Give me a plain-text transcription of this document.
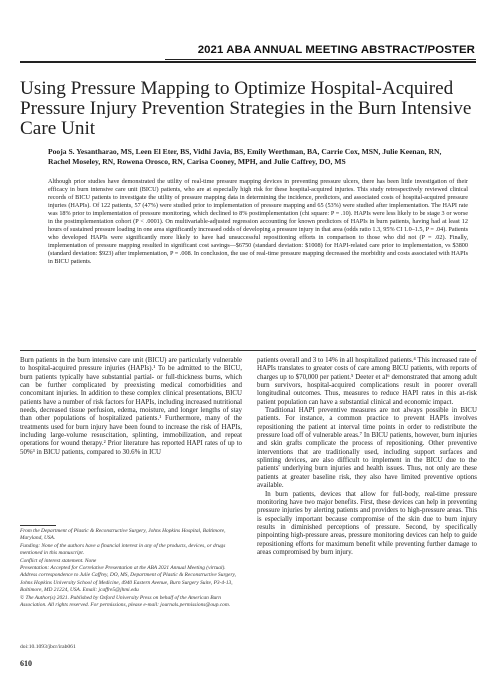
2021 ABA ANNUAL MEETING ABSTRACT/POSTER
Using Pressure Mapping to Optimize Hospital-Acquired Pressure Injury Prevention Strategies in the Burn Intensive Care Unit
Pooja S. Yesantharao, MS, Leen El Eter, BS, Vidhi Javia, BS, Emily Werthman, BA, Carrie Cox, MSN, Julie Keenan, RN, Rachel Moseley, RN, Rowena Orosco, RN, Carisa Cooney, MPH, and Julie Caffrey, DO, MS
Although prior studies have demonstrated the utility of real-time pressure mapping devices in preventing pressure ulcers, there has been little investigation of their efficacy in burn intensive care unit (BICU) patients, who are at especially high risk for these hospital-acquired injuries. This study retrospectively reviewed clinical records of BICU patients to investigate the utility of pressure mapping data in determining the incidence, predictors, and associated costs of hospital-acquired pressure injuries (HAPIs). Of 122 patients, 57 (47%) were studied prior to implementation of pressure mapping and 65 (53%) were studied after implementation. The HAPI rate was 18% prior to implementation of pressure monitoring, which declined to 8% postimplementation (chi square: P = .10). HAPIs were less likely to be stage 3 or worse in the postimplementation cohort (P < .0001). On multivariable-adjusted regression accounting for known predictors of HAPIs in burn patients, having had at least 12 hours of sustained pressure loading in one area significantly increased odds of developing a pressure injury in that area (odds ratio 1.3, 95% CI 1.0–1.5, P = .04). Patients who developed HAPIs were significantly more likely to have had unsuccessful repositioning efforts in comparison to those who did not (P = .02). Finally, implementation of pressure mapping resulted in significant cost savings—$6750 (standard deviation: $1008) for HAPI-related care prior to implementation, vs $3800 (standard deviation: $923) after implementation, P = .008. In conclusion, the use of real-time pressure mapping decreased the morbidity and costs associated with HAPIs in BICU patients.

Burn patients in the burn intensive care unit (BICU) are particularly vulnerable to hospital-acquired pressure injuries (HAPIs).¹ To be admitted to the BICU, burn patients typically have substantial partial- or full-thickness burns, which can be further complicated by preexisting medical comorbidities and concomitant injuries. In addition to these complex clinical presentations, BICU patients have a number of risk factors for HAPIs, including increased nutritional needs, decreased tissue perfusion, edema, moisture, and longer lengths of stay than other populations of hospitalized patients.¹ Furthermore, many of the treatments used for burn injury have been found to increase the risk of HAPIs, including large-volume resuscitation, splinting, immobilization, and repeat operations for wound therapy.² Prior literature has reported HAPI rates of up to 50%³ in BICU patients, compared to 30.6% in ICU

patients overall and 3 to 14% in all hospitalized patients.⁴ This increased rate of HAPIs translates to greater costs of care among BICU patients, with reports of charges up to $70,000 per patient.⁵ Deeter et al⁶ demonstrated that among adult burn survivors, hospital-acquired complications result in poorer overall longitudinal outcomes. Thus, measures to reduce HAPI rates in this at-risk patient population can have a substantial clinical and economic impact.

Traditional HAPI preventive measures are not always possible in BICU patients. For instance, a common practice to prevent HAPIs involves repositioning the patient at interval time points in order to redistribute the pressure load off of vulnerable areas.⁷ In BICU patients, however, burn injuries and skin grafts complicate the process of repositioning. Other preventive interventions that are traditionally used, including support surfaces and splinting devices, are also difficult to implement in the BICU due to the patients' underlying burn injuries and health issues. Thus, not only are these patients at greater baseline risk, they also have limited preventive options available.

In burn patients, devices that allow for full-body, real-time pressure monitoring have two major benefits. First, these devices can help in preventing pressure injuries by alerting patients and providers to high-pressure areas. This is especially important because compromise of the skin due to burn injury results in diminished perceptions of pressure. Second, by specifically pinpointing high-pressure areas, pressure monitoring devices can help to guide repositioning efforts for maximum benefit while preventing further damage to areas compromised by burn injury.

From the Department of Plastic & Reconstructive Surgery, Johns Hopkins Hospital, Baltimore, Maryland, USA.
Funding: None of the authors have a financial interest in any of the products, devices, or drugs mentioned in this manuscript.
Conflict of interest statement. None
Presentation: Accepted for Correlative Presentation at the ABA 2021 Annual Meeting (virtual).
Address correspondence to Julie Caffrey, DO, MS, Department of Plastic & Reconstructive Surgery, Johns Hopkins University School of Medicine, 4940 Eastern Avenue, Burn Surgery Suite, P3-4-13, Baltimore, MD 21224, USA. Email: jcaffre5@jhmi.edu
© The Author(s) 2021. Published by Oxford University Press on behalf of the American Burn Association. All rights reserved. For permissions, please e-mail: journals.permissions@oup.com.
doi:10.1093/jbcr/irab061
610
